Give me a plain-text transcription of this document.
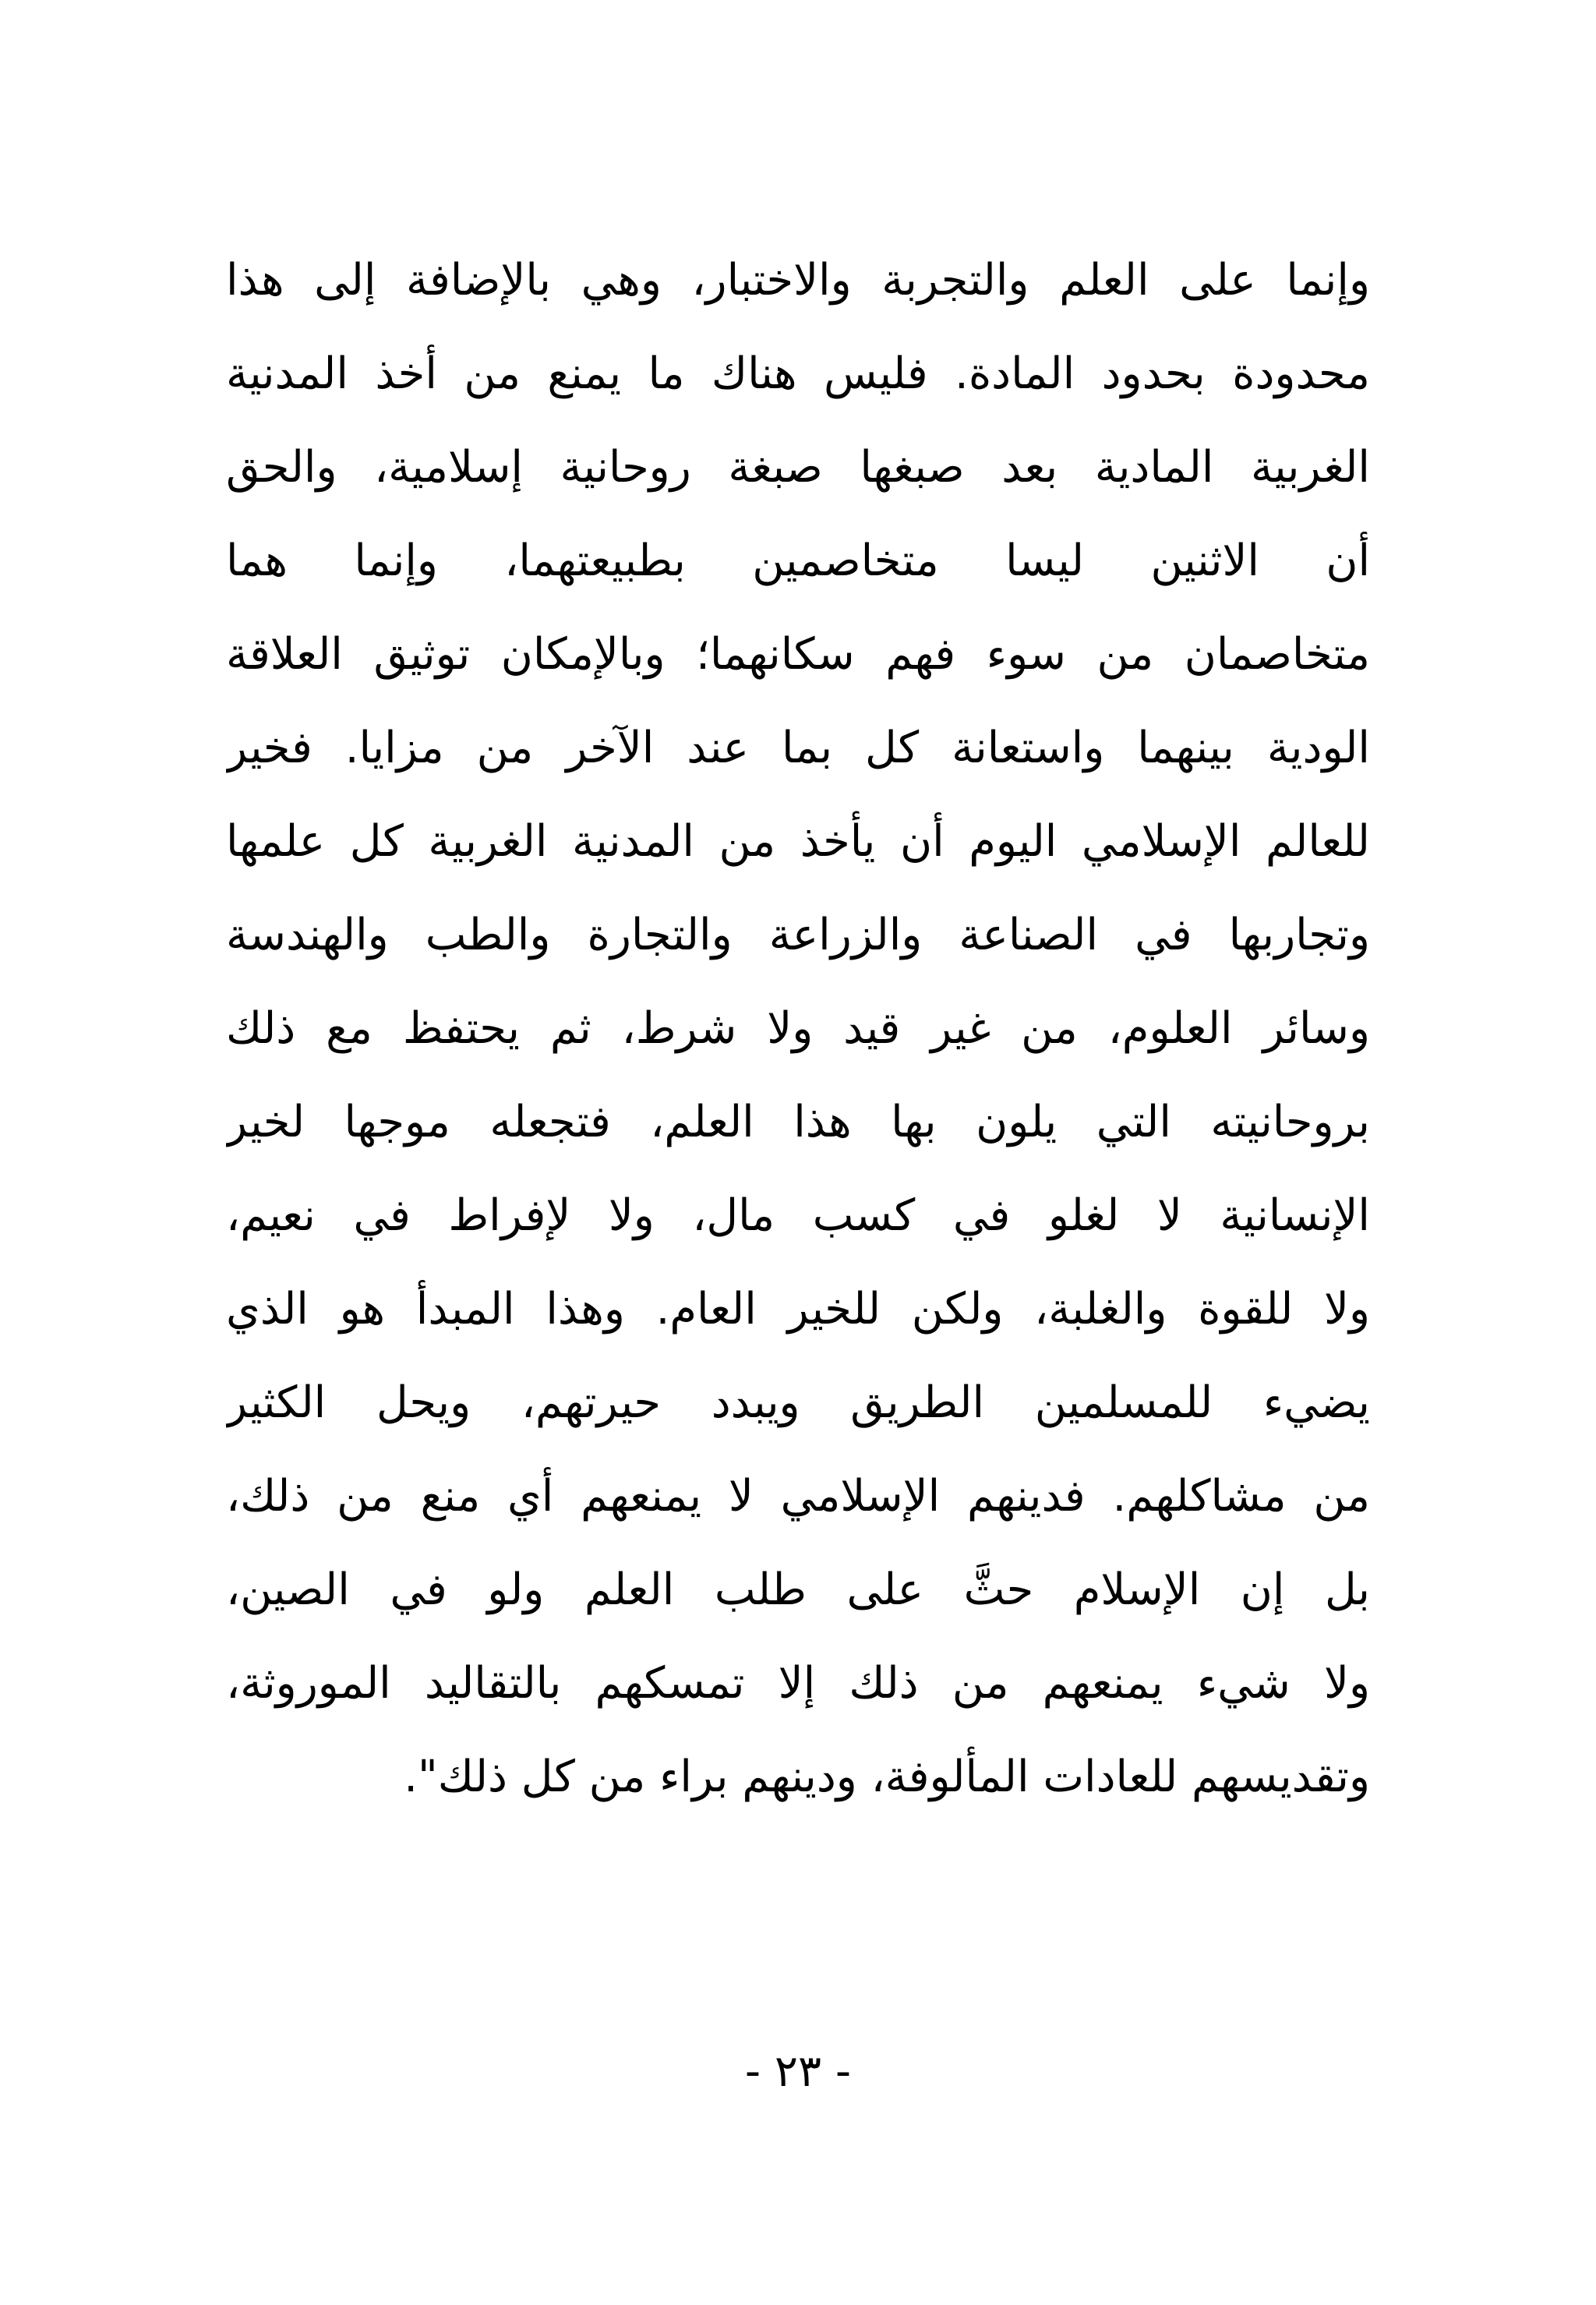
وإنما على العلم والتجربة والاختبار، وهي بالإضافة إلى هذا
محدودة بحدود المادة. فليس هناك ما يمنع من أخذ المدنية
الغربية المادية بعد صبغها صبغة روحانية إسلامية، والحق
أن الاثنين ليسا متخاصمين بطبيعتهما، وإنما هما
متخاصمان من سوء فهم سكانهما؛ وبالإمكان توثيق العلاقة
الودية بينهما واستعانة كل بما عند الآخر من مزايا. فخير
للعالم الإسلامي اليوم أن يأخذ من المدنية الغربية كل علمها
وتجاربها في الصناعة والزراعة والتجارة والطب والهندسة
وسائر العلوم، من غير قيد ولا شرط، ثم يحتفظ مع ذلك
بروحانيته التي يلون بها هذا العلم، فتجعله موجها لخير
الإنسانية لا لغلو في كسب مال، ولا لإفراط في نعيم،
ولا للقوة والغلبة، ولكن للخير العام. وهذا المبدأ هو الذي
يضيء للمسلمين الطريق ويبدد حيرتهم، ويحل الكثير
من مشاكلهم. فدينهم الإسلامي لا يمنعهم أي منع من ذلك،
بل إن الإسلام حثَّ على طلب العلم ولو في الصين،
ولا شيء يمنعهم من ذلك إلا تمسكهم بالتقاليد الموروثة،
وتقديسهم للعادات المألوفة، ودينهم براء من كل ذلك".
- ٢٣ -
